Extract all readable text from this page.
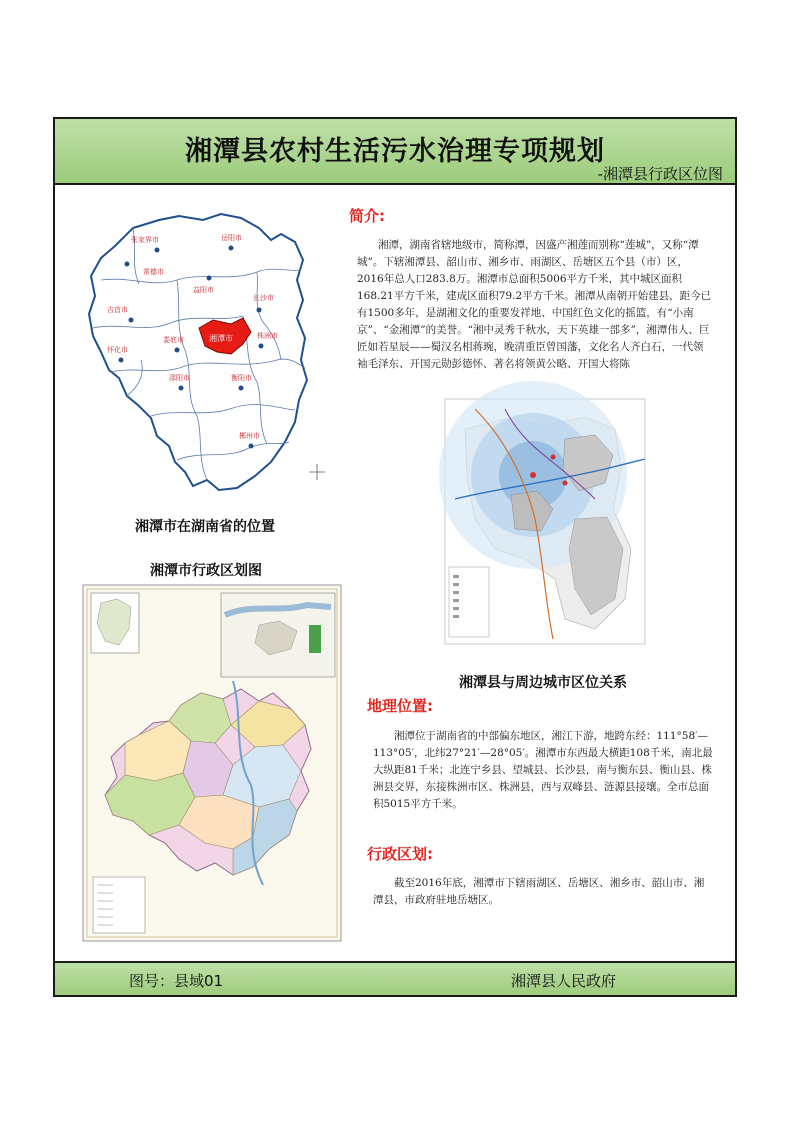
湘潭县农村生活污水治理专项规划
-湘潭县行政区位图
湘潭市
常德市
益阳市
长沙市
娄底市	株洲市
衡阳市
邵阳市
怀化市
郴州市
张家界市	岳阳市
吉首市
湘潭市在湖南省的位置
湘潭市行政区划图
简介:

湘潭，湖南省辖地级市，简称潭，因盛产湘莲而别称“莲城”，又称“潭城”。下辖湘潭县、韶山市、湘乡市、雨湖区、岳塘区五个县（市）区，2016年总人口283.8万。湘潭市总面积5006平方千米，其中城区面积168.21平方千米，建成区面积79.2平方千米。湘潭从南朝开始建县，距今已有1500多年，是湖湘文化的重要发祥地、中国红色文化的摇篮，有“小南京”、“金湘潭”的美誉。“湘中灵秀千秋水，天下英雄一部多”，湘潭伟人、巨匠如若星辰——蜀汉名相蒋琬，晚清重臣曾国藩，文化名人齐白石，一代领袖毛泽东、开国元勋彭德怀、著名将领黄公略、开国大将陈

湘潭县与周边城市区位关系
地理位置:

湘潭位于湖南省的中部偏东地区，湘江下游，地跨东经：111°58′—113°05′，北纬27°21′—28°05′。湘潭市东西最大横距108千米，南北最大纵距81千米；北连宁乡县、望城县、长沙县，南与衡东县、衡山县、株洲县交界，东接株洲市区、株洲县，西与双峰县、涟源县接壤。全市总面积5015平方千米。

行政区划:

截至2016年底，湘潭市下辖雨湖区、岳塘区、湘乡市、韶山市、湘潭县，市政府驻地岳塘区。

图号：县域01	湘潭县人民政府
